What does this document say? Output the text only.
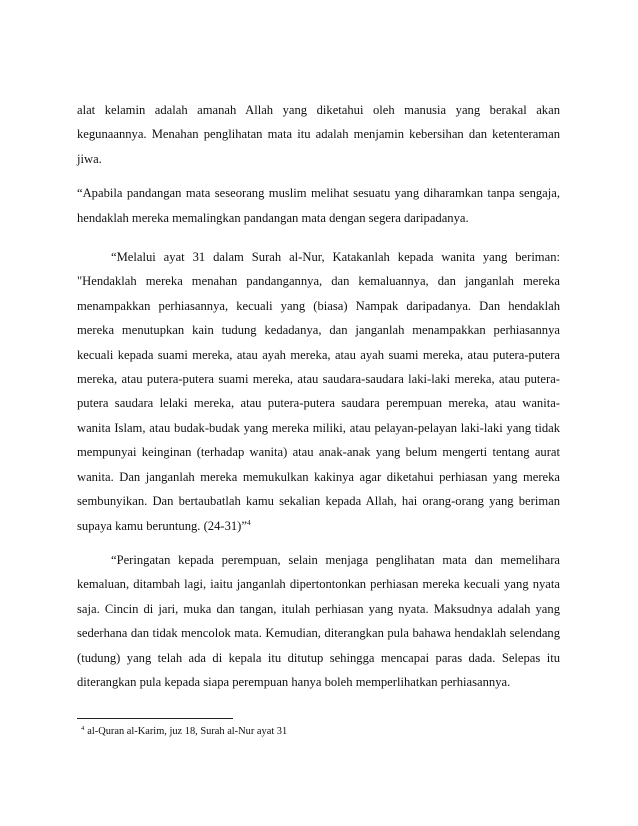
alat kelamin adalah amanah Allah yang diketahui oleh manusia yang berakal akan kegunaannya. Menahan penglihatan mata itu adalah menjamin kebersihan dan ketenteraman jiwa.

“Apabila pandangan mata seseorang muslim melihat sesuatu yang diharamkan tanpa sengaja, hendaklah mereka memalingkan pandangan mata dengan segera daripadanya.

“Melalui ayat 31 dalam Surah al-Nur, Katakanlah kepada wanita yang beriman: "Hendaklah mereka menahan pandangannya, dan kemaluannya, dan janganlah mereka menampakkan perhiasannya, kecuali yang (biasa) Nampak daripadanya. Dan hendaklah mereka menutupkan kain tudung kedadanya, dan janganlah menampakkan perhiasannya kecuali kepada suami mereka, atau ayah mereka, atau ayah suami mereka, atau putera-putera mereka, atau putera-putera suami mereka, atau saudara-saudara laki-laki mereka, atau putera-putera saudara lelaki mereka, atau putera-putera saudara perempuan mereka, atau wanita-wanita Islam, atau budak-budak yang mereka miliki, atau pelayan-pelayan laki-laki yang tidak mempunyai keinginan (terhadap wanita) atau anak-anak yang belum mengerti tentang aurat wanita. Dan janganlah mereka memukulkan kakinya agar diketahui perhiasan yang mereka sembunyikan. Dan bertaubatlah kamu sekalian kepada Allah, hai orang-orang yang beriman supaya kamu beruntung. (24-31)”$^4$

“Peringatan kepada perempuan, selain menjaga penglihatan mata dan memelihara kemaluan, ditambah lagi, iaitu janganlah dipertontonkan perhiasan mereka kecuali yang nyata saja. Cincin di jari, muka dan tangan, itulah perhiasan yang nyata. Maksudnya adalah yang sederhana dan tidak mencolok mata. Kemudian, diterangkan pula bahawa hendaklah selendang (tudung) yang telah ada di kepala itu ditutup sehingga mencapai paras dada. Selepas itu diterangkan pula kepada siapa perempuan hanya boleh memperlihatkan perhiasannya.

$^4$ al-Quran al-Karim, juz 18, Surah al-Nur ayat 31
